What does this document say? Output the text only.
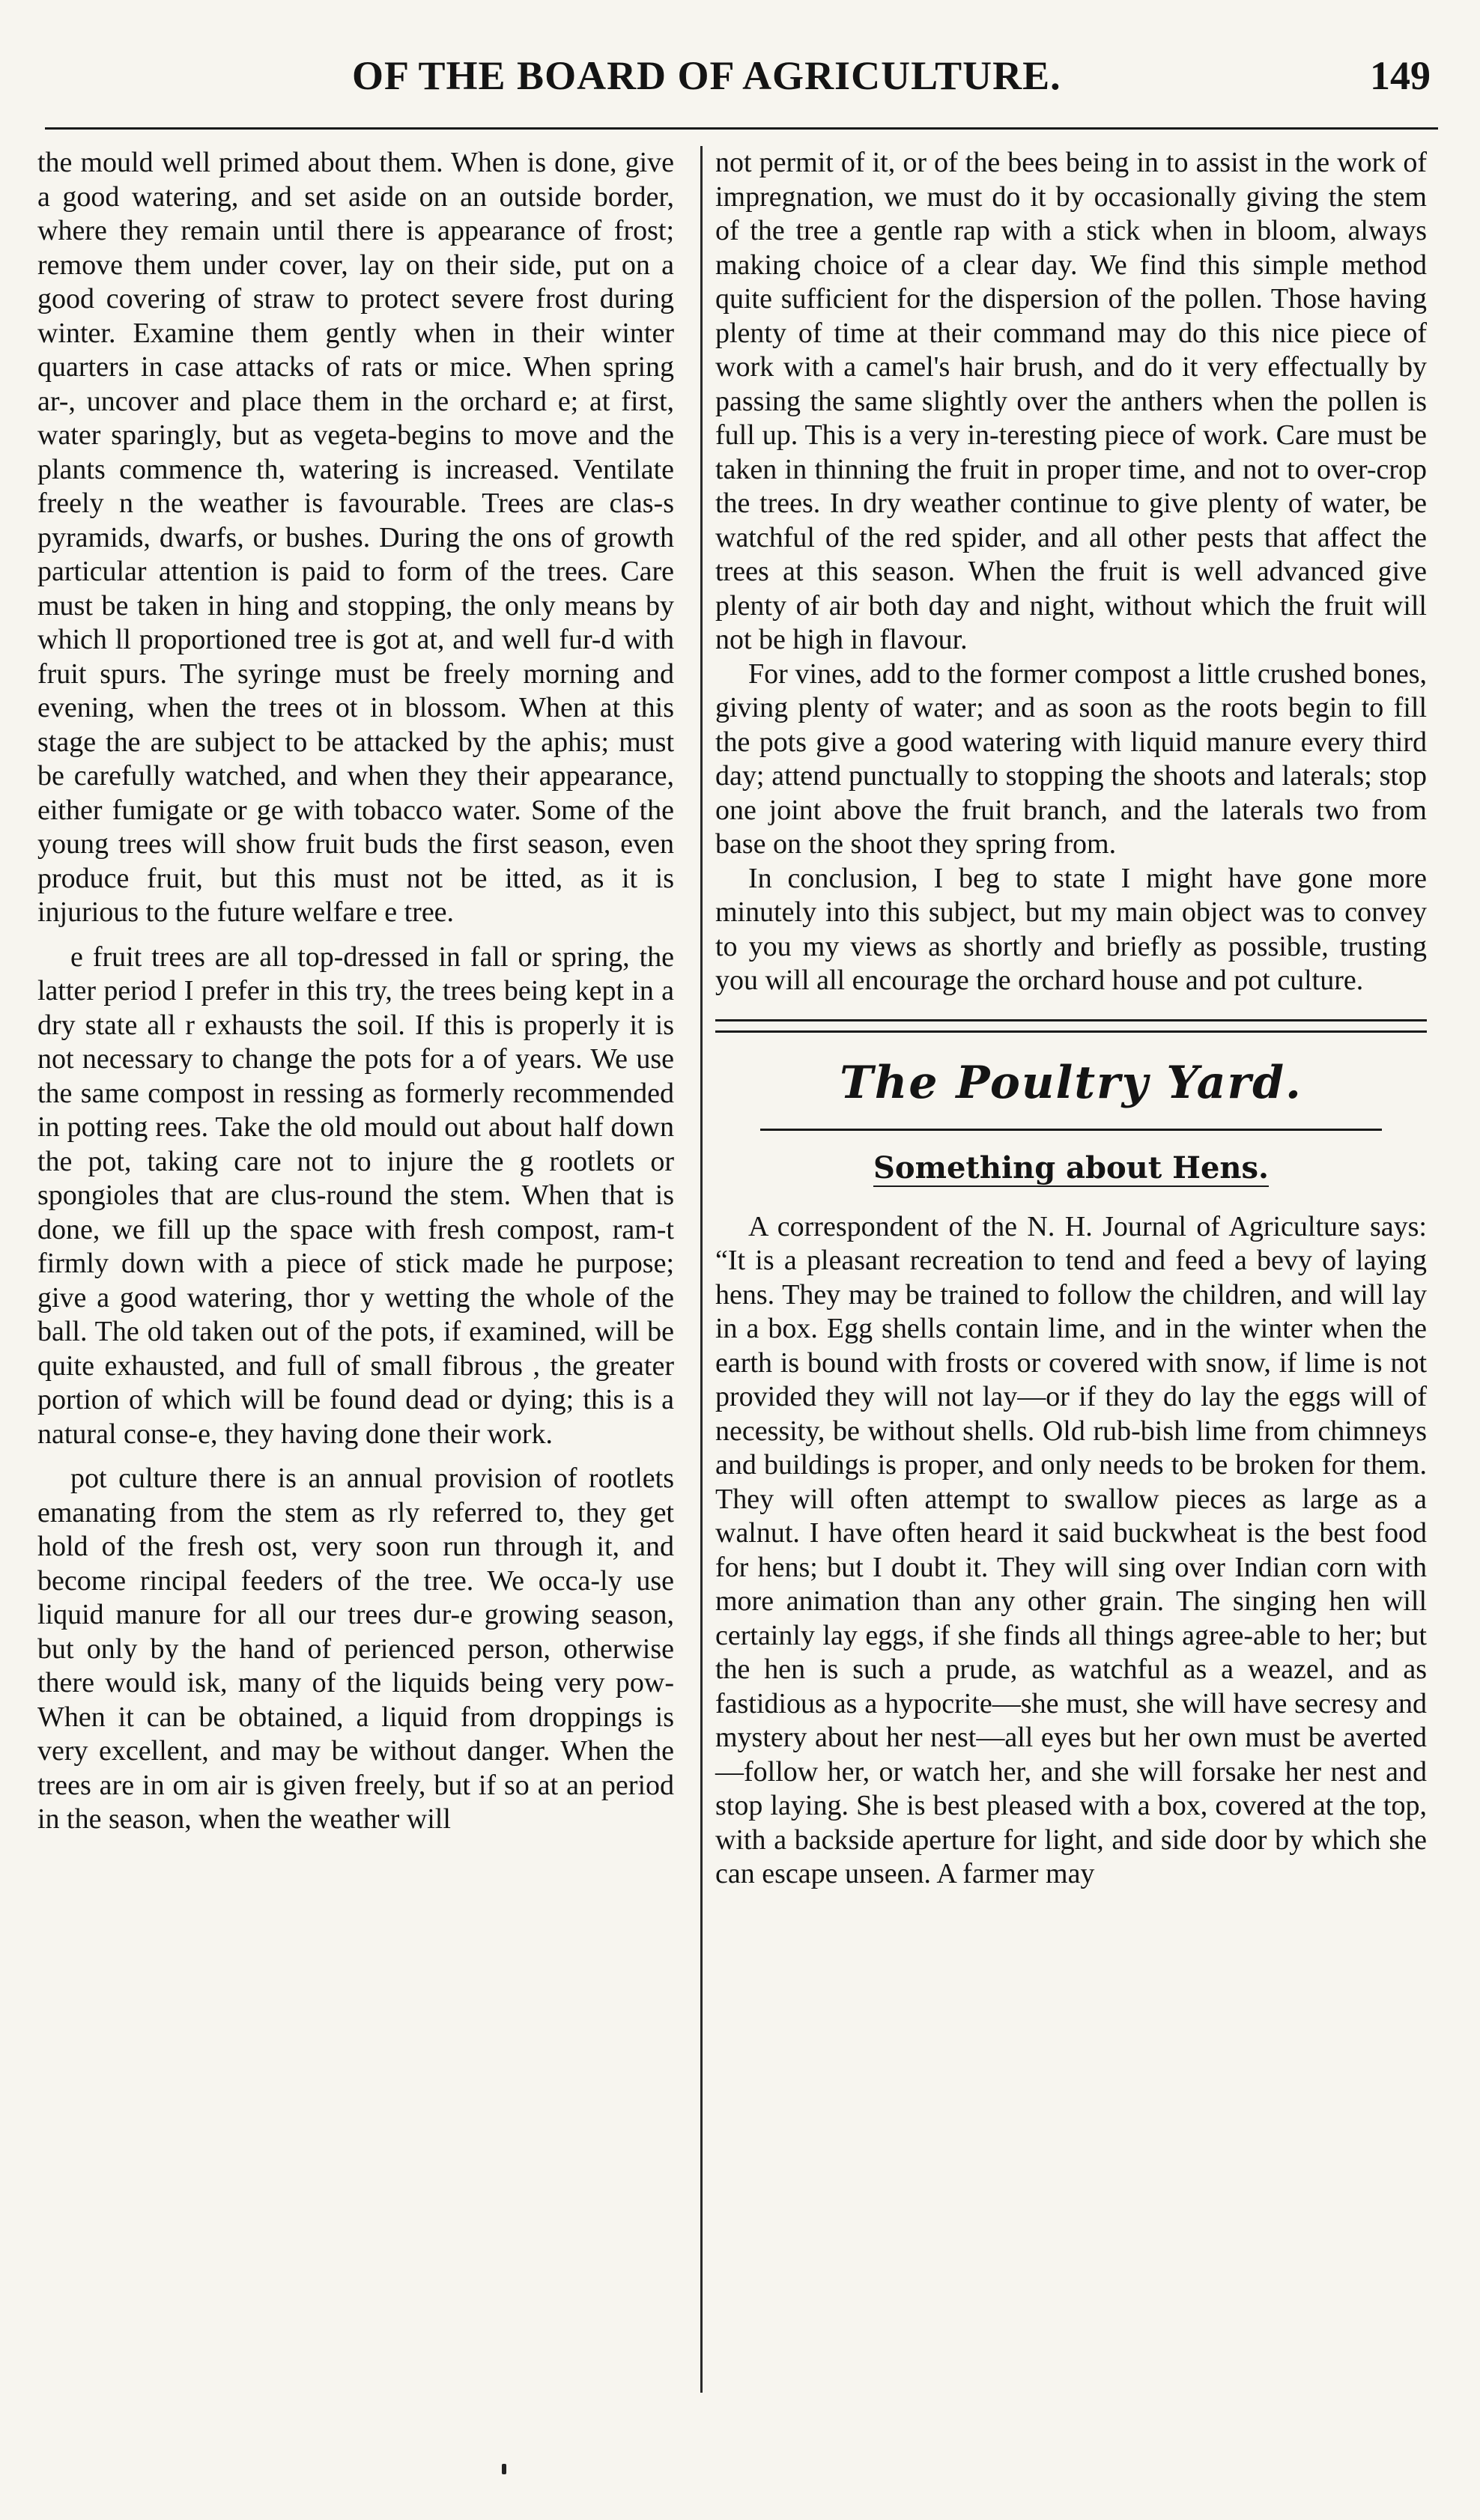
OF THE BOARD OF AGRICULTURE.	149

the mould well primed about them. When is done, give a good watering, and set aside on an outside border, where they remain until there is appearance of frost; remove them under cover, lay on their side, put on a good covering of straw to protect severe frost during winter. Examine them gently when in their winter quarters in case attacks of rats or mice. When spring ar-, uncover and place them in the orchard e; at first, water sparingly, but as vegeta-begins to move and the plants commence th, watering is increased. Ventilate freely n the weather is favourable. Trees are clas-s pyramids, dwarfs, or bushes. During the ons of growth particular attention is paid to form of the trees. Care must be taken in hing and stopping, the only means by which ll proportioned tree is got at, and well fur-d with fruit spurs. The syringe must be freely morning and evening, when the trees ot in blossom. When at this stage the are subject to be attacked by the aphis; must be carefully watched, and when they their appearance, either fumigate or ge with tobacco water. Some of the young trees will show fruit buds the first season, even produce fruit, but this must not be itted, as it is injurious to the future welfare e tree.

e fruit trees are all top-dressed in fall or spring, the latter period I prefer in this try, the trees being kept in a dry state all r exhausts the soil. If this is properly it is not necessary to change the pots for a of years. We use the same compost in ressing as formerly recommended in potting rees. Take the old mould out about half down the pot, taking care not to injure the g rootlets or spongioles that are clus-round the stem. When that is done, we fill up the space with fresh compost, ram-t firmly down with a piece of stick made he purpose; give a good watering, thor y wetting the whole of the ball. The old taken out of the pots, if examined, will be quite exhausted, and full of small fibrous , the greater portion of which will be found dead or dying; this is a natural conse-e, they having done their work.

pot culture there is an annual provision of rootlets emanating from the stem as rly referred to, they get hold of the fresh ost, very soon run through it, and become rincipal feeders of the tree. We occa-ly use liquid manure for all our trees dur-e growing season, but only by the hand of perienced person, otherwise there would isk, many of the liquids being very pow-When it can be obtained, a liquid from droppings is very excellent, and may be without danger. When the trees are in om air is given freely, but if so at an period in the season, when the weather will

not permit of it, or of the bees being in to assist in the work of impregnation, we must do it by occasionally giving the stem of the tree a gentle rap with a stick when in bloom, always making choice of a clear day. We find this simple method quite sufficient for the dispersion of the pollen. Those having plenty of time at their command may do this nice piece of work with a camel's hair brush, and do it very effectually by passing the same slightly over the anthers when the pollen is full up. This is a very in-teresting piece of work. Care must be taken in thinning the fruit in proper time, and not to over-crop the trees. In dry weather continue to give plenty of water, be watchful of the red spider, and all other pests that affect the trees at this season. When the fruit is well advanced give plenty of air both day and night, without which the fruit will not be high in flavour.

For vines, add to the former compost a little crushed bones, giving plenty of water; and as soon as the roots begin to fill the pots give a good watering with liquid manure every third day; attend punctually to stopping the shoots and laterals; stop one joint above the fruit branch, and the laterals two from base on the shoot they spring from.

In conclusion, I beg to state I might have gone more minutely into this subject, but my main object was to convey to you my views as shortly and briefly as possible, trusting you will all encourage the orchard house and pot culture.

The Poultry Yard.
Something about Hens.

A correspondent of the N. H. Journal of Agriculture says: “It is a pleasant recreation to tend and feed a bevy of laying hens. They may be trained to follow the children, and will lay in a box. Egg shells contain lime, and in the winter when the earth is bound with frosts or covered with snow, if lime is not provided they will not lay—or if they do lay the eggs will of necessity, be without shells. Old rub-bish lime from chimneys and buildings is proper, and only needs to be broken for them. They will often attempt to swallow pieces as large as a walnut. I have often heard it said buckwheat is the best food for hens; but I doubt it. They will sing over Indian corn with more animation than any other grain. The singing hen will certainly lay eggs, if she finds all things agree-able to her; but the hen is such a prude, as watchful as a weazel, and as fastidious as a hypocrite—she must, she will have secresy and mystery about her nest—all eyes but her own must be averted—follow her, or watch her, and she will forsake her nest and stop laying. She is best pleased with a box, covered at the top, with a backside aperture for light, and side door by which she can escape unseen. A farmer may
